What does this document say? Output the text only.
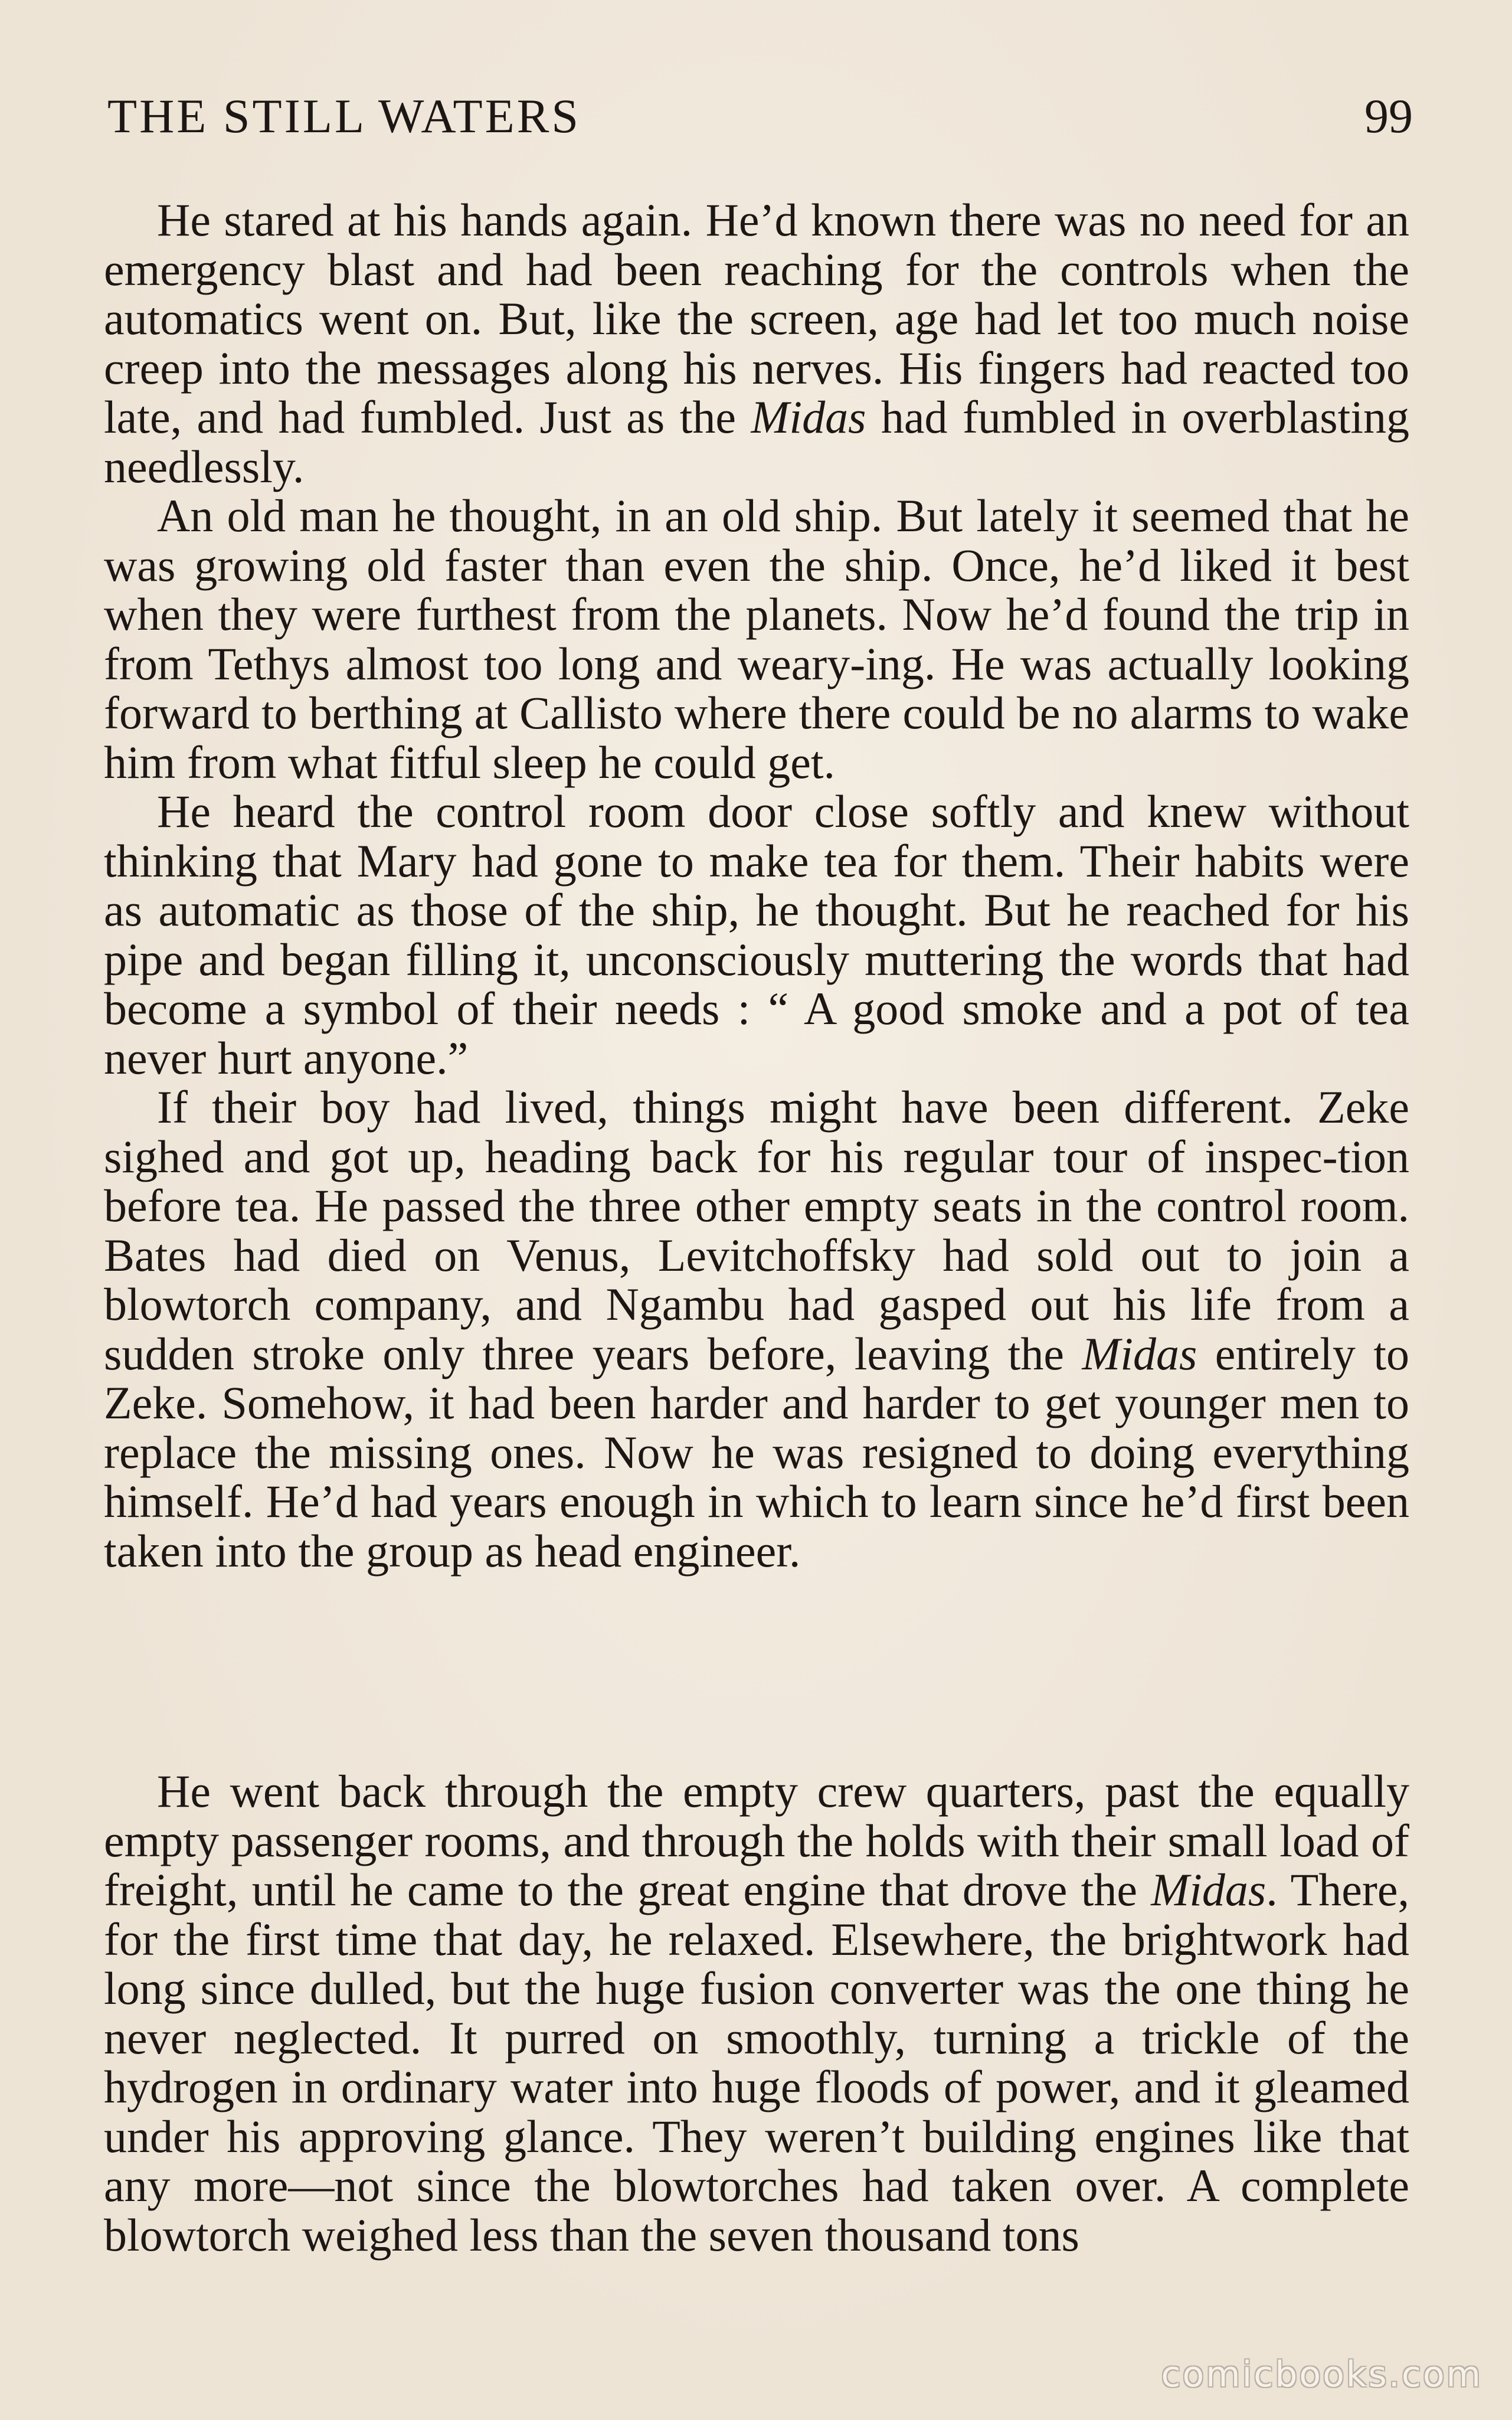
THE STILL WATERS	99

He stared at his hands again. He’d known there was no need for an emergency blast and had been reaching for the controls when the automatics went on. But, like the screen, age had let too much noise creep into the messages along his nerves. His fingers had reacted too late, and had fumbled. Just as the Midas had fumbled in overblasting needlessly.

An old man he thought, in an old ship. But lately it seemed that he was growing old faster than even the ship. Once, he’d liked it best when they were furthest from the planets. Now he’d found the trip in from Tethys almost too long and weary-ing. He was actually looking forward to berthing at Callisto where there could be no alarms to wake him from what fitful sleep he could get.

He heard the control room door close softly and knew without thinking that Mary had gone to make tea for them. Their habits were as automatic as those of the ship, he thought. But he reached for his pipe and began filling it, unconsciously muttering the words that had become a symbol of their needs : “ A good smoke and a pot of tea never hurt anyone.”

If their boy had lived, things might have been different. Zeke sighed and got up, heading back for his regular tour of inspec-tion before tea. He passed the three other empty seats in the control room. Bates had died on Venus, Levitchoffsky had sold out to join a blowtorch company, and Ngambu had gasped out his life from a sudden stroke only three years before, leaving the Midas entirely to Zeke. Somehow, it had been harder and harder to get younger men to replace the missing ones. Now he was resigned to doing everything himself. He’d had years enough in which to learn since he’d first been taken into the group as head engineer.

He went back through the empty crew quarters, past the equally empty passenger rooms, and through the holds with their small load of freight, until he came to the great engine that drove the Midas. There, for the first time that day, he relaxed. Elsewhere, the brightwork had long since dulled, but the huge fusion converter was the one thing he never neglected. It purred on smoothly, turning a trickle of the hydrogen in ordinary water into huge floods of power, and it gleamed under his approving glance. They weren’t building engines like that any more—not since the blowtorches had taken over. A complete blowtorch weighed less than the seven thousand tons

comicbooks.com
